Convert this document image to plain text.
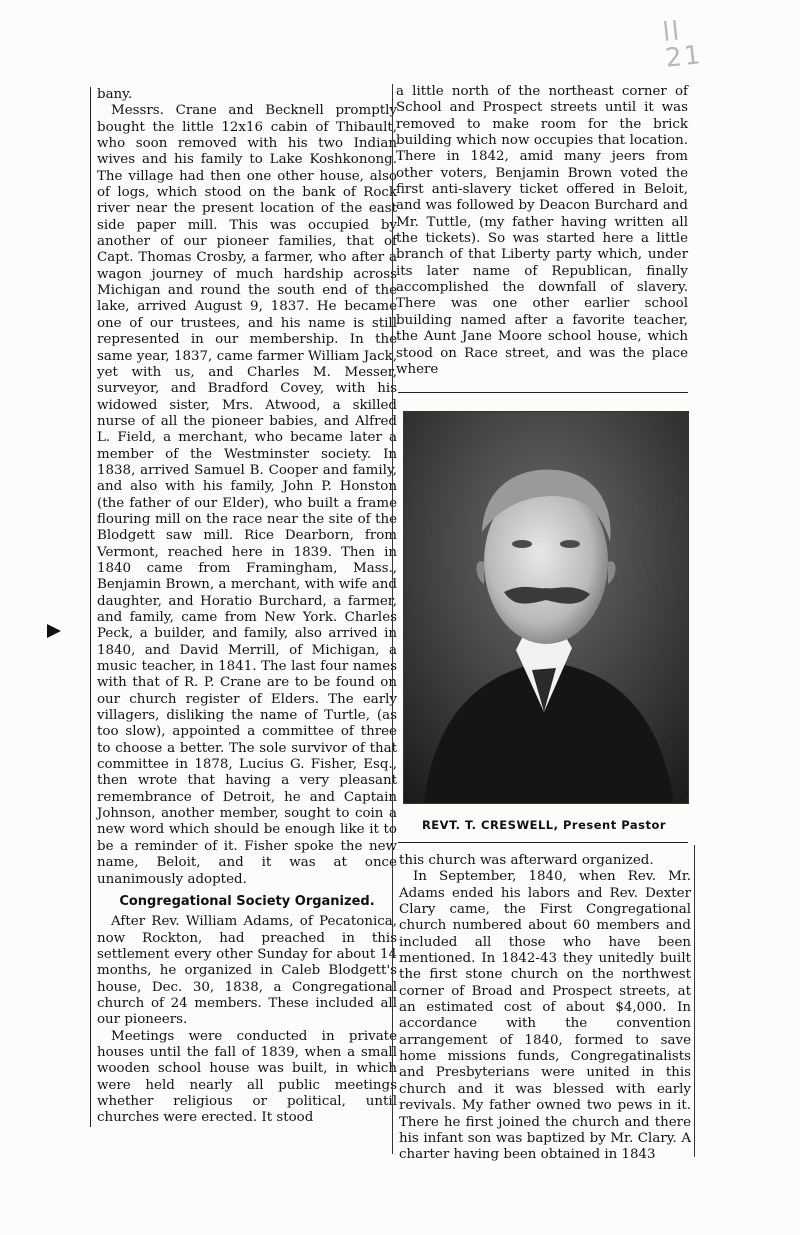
ll
21

bany.

Messrs. Crane and Becknell promptly bought the little 12x16 cabin of Thibault, who soon removed with his two Indian wives and his family to Lake Koshkonong. The village had then one other house, also of logs, which stood on the bank of Rock river near the present location of the east side paper mill. This was occupied by another of our pioneer families, that of Capt. Thomas Crosby, a farmer, who after a wagon journey of much hardship across Michigan and round the south end of the lake, arrived August 9, 1837. He became one of our trustees, and his name is still represented in our membership. In the same year, 1837, came farmer William Jack, yet with us, and Charles M. Messer, surveyor, and Bradford Covey, with his widowed sister, Mrs. Atwood, a skilled nurse of all the pioneer babies, and Alfred L. Field, a merchant, who became later a member of the Westminster society. In 1838, arrived Samuel B. Cooper and family, and also with his family, John P. Honston (the father of our Elder), who built a frame flouring mill on the race near the site of the Blodgett saw mill. Rice Dearborn, from Vermont, reached here in 1839. Then in 1840 came from Framingham, Mass., Benjamin Brown, a merchant, with wife and daughter, and Horatio Burchard, a farmer, and family, came from New York. Charles Peck, a builder, and family, also arrived in 1840, and David Merrill, of Michigan, a music teacher, in 1841. The last four names with that of R. P. Crane are to be found on our church register of Elders. The early villagers, disliking the name of Turtle, (as too slow), appointed a committee of three to choose a better. The sole survivor of that committee in 1878, Lucius G. Fisher, Esq., then wrote that having a very pleasant remembrance of Detroit, he and Captain Johnson, another member, sought to coin a new word which should be enough like it to be a reminder of it. Fisher spoke the new name, Beloit, and it was at once unanimously adopted.

Congregational Society Organized.

After Rev. William Adams, of Pecatonica, now Rockton, had preached in this settlement every other Sunday for about 14 months, he organized in Caleb Blodgett's house, Dec. 30, 1838, a Congregational church of 24 members. These included all our pioneers.

Meetings were conducted in private houses until the fall of 1839, when a small wooden school house was built, in which were held nearly all public meetings whether religious or political, until churches were erected. It stood

a little north of the northeast corner of School and Prospect streets until it was removed to make room for the brick building which now occupies that location. There in 1842, amid many jeers from other voters, Benjamin Brown voted the first anti-slavery ticket offered in Beloit, and was followed by Deacon Burchard and Mr. Tuttle, (my father having written all the tickets). So was started here a little branch of that Liberty party which, under its later name of Republican, finally accomplished the downfall of slavery. There was one other earlier school building named after a favorite teacher, the Aunt Jane Moore school house, which stood on Race street, and was the place where

REVT. T. CRESWELL, Present Pastor

this church was afterward organized.

In September, 1840, when Rev. Mr. Adams ended his labors and Rev. Dexter Clary came, the First Congregational church numbered about 60 members and included all those who have been mentioned. In 1842-43 they unitedly built the first stone church on the northwest corner of Broad and Prospect streets, at an estimated cost of about $4,000. In accordance with the convention arrangement of 1840, formed to save home missions funds, Congregatinalists and Presbyterians were united in this church and it was blessed with early revivals. My father owned two pews in it. There he first joined the church and there his infant son was baptized by Mr. Clary. A charter having been obtained in 1843
